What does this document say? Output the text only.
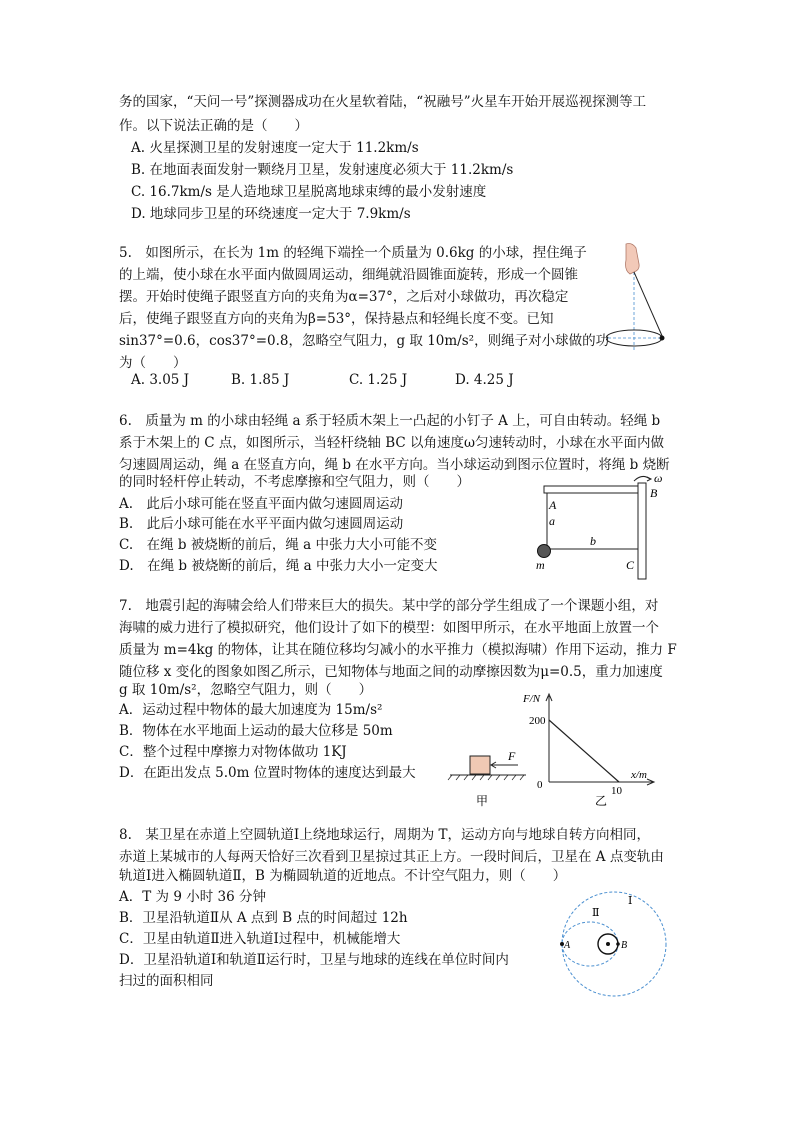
务的国家，“天问一号”探测器成功在火星软着陆，“祝融号”火星车开始开展巡视探测等工
作。以下说法正确的是（　　）
A. 火星探测卫星的发射速度一定大于 11.2km/s
B. 在地面表面发射一颗绕月卫星，发射速度必须大于 11.2km/s
C. 16.7km/s 是人造地球卫星脱离地球束缚的最小发射速度
D. 地球同步卫星的环绕速度一定大于 7.9km/s
5.　如图所示，在长为 1m 的轻绳下端拴一个质量为 0.6kg 的小球，捏住绳子
的上端，使小球在水平面内做圆周运动，细绳就沿圆锥面旋转，形成一个圆锥
摆。开始时使绳子跟竖直方向的夹角为α=37°，之后对小球做功，再次稳定
后，使绳子跟竖直方向的夹角为β=53°，保持悬点和轻绳长度不变。已知
sin37°=0.6，cos37°=0.8，忽略空气阻力，g 取 10m/s²，则绳子对小球做的功
为（　　）
A. 3.05 J	B. 1.85 J	C. 1.25 J	D. 4.25 J
6.　质量为 m 的小球由轻绳 a 系于轻质木架上一凸起的小钉子 A 上，可自由转动。轻绳 b
系于木架上的 C 点，如图所示，当轻杆绕轴 BC 以角速度ω匀速转动时，小球在水平面内做
匀速圆周运动，绳 a 在竖直方向，绳 b 在水平方向。当小球运动到图示位置时，将绳 b 烧断
的同时轻杆停止转动，不考虑摩擦和空气阻力，则（　　）
A.　此后小球可能在竖直平面内做匀速圆周运动
B.　此后小球可能在水平平面内做匀速圆周运动
C.　在绳 b 被烧断的前后，绳 a 中张力大小可能不变
D.　在绳 b 被烧断的前后，绳 a 中张力大小一定变大
ω
B
A
a
b
m	C
7.　地震引起的海啸会给人们带来巨大的损失。某中学的部分学生组成了一个课题小组，对
海啸的威力进行了模拟研究，他们设计了如下的模型：如图甲所示，在水平地面上放置一个
质量为 m=4kg 的物体，让其在随位移均匀减小的水平推力（模拟海啸）作用下运动，推力 F
随位移 x 变化的图象如图乙所示，已知物体与地面之间的动摩擦因数为μ=0.5，重力加速度
g 取 10m/s²，忽略空气阻力，则（　　）
A．运动过程中物体的最大加速度为 15m/s²
B．物体在水平地面上运动的最大位移是 50m
C．整个过程中摩擦力对物体做功 1KJ
D．在距出发点 5.0m 位置时物体的速度达到最大
F
甲
F/N
200
0	10
x/m
乙
8.　某卫星在赤道上空圆轨道Ⅰ上绕地球运行，周期为 T，运动方向与地球自转方向相同，
赤道上某城市的人每两天恰好三次看到卫星掠过其正上方。一段时间后，卫星在 A 点变轨由
轨道Ⅰ进入椭圆轨道Ⅱ，B 为椭圆轨道的近地点。不计空气阻力，则（　　）
A．T 为 9 小时 36 分钟
B．卫星沿轨道Ⅱ从 A 点到 B 点的时间超过 12h
C．卫星由轨道Ⅱ进入轨道Ⅰ过程中，机械能增大
D．卫星沿轨道Ⅰ和轨道Ⅱ运行时，卫星与地球的连线在单位时间内
扫过的面积相同
Ⅰ
Ⅱ
A	B
